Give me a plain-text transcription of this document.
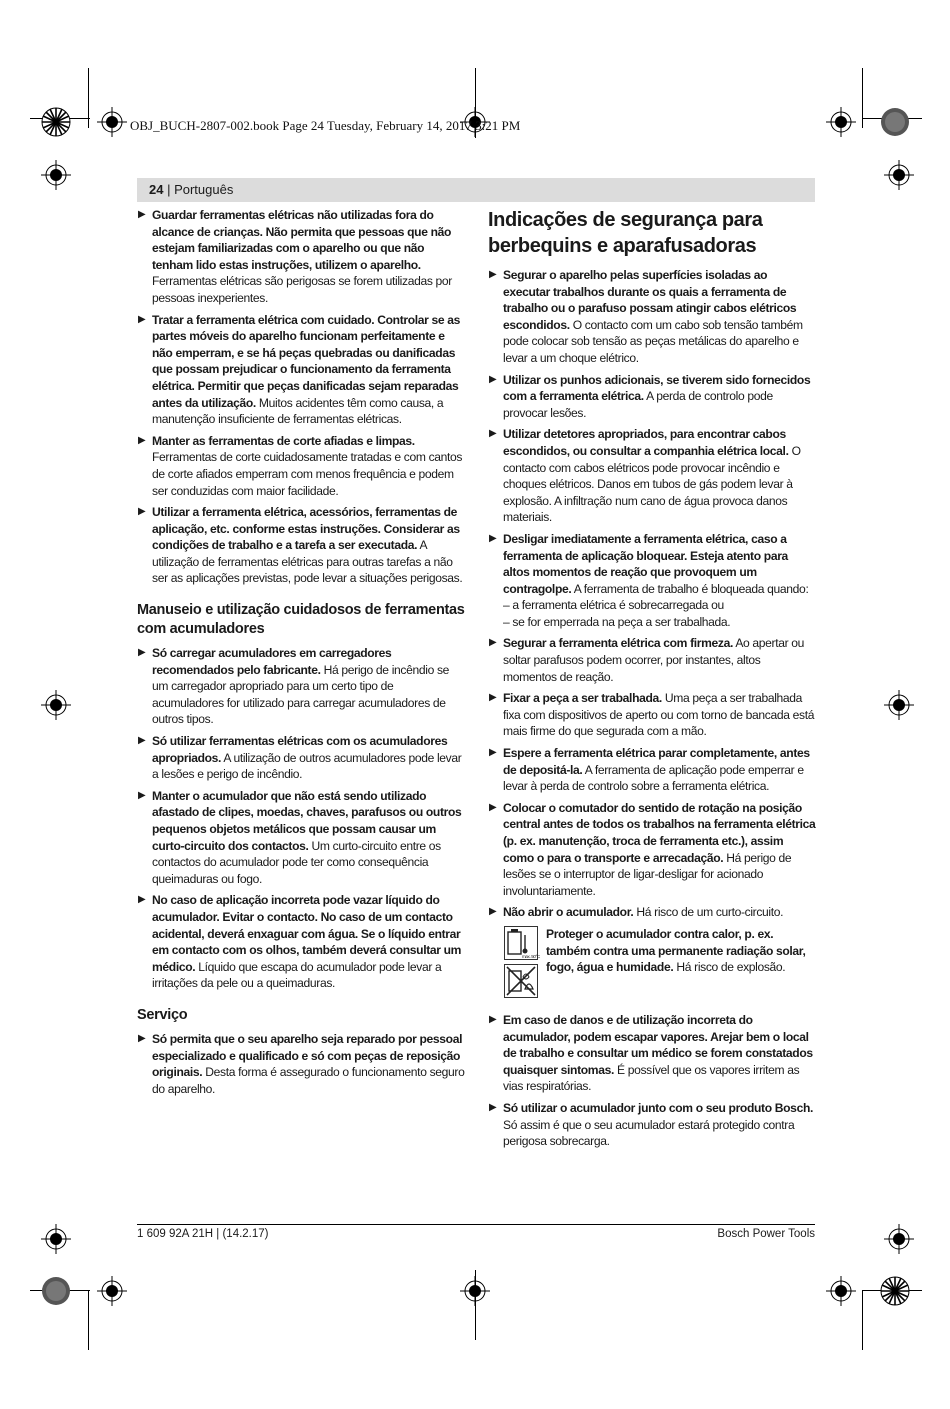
OBJ_BUCH-2807-002.book Page 24 Tuesday, February 14, 2017 3:21 PM
24 | Português
▶ Guardar ferramentas elétricas não utilizadas fora do alcance de crianças. Não permita que pessoas que não estejam familiarizadas com o aparelho ou que não tenham lido estas instruções, utilizem o aparelho. Ferramentas elétricas são perigosas se forem utilizadas por pessoas inexperientes.
▶ Tratar a ferramenta elétrica com cuidado. Controlar se as partes móveis do aparelho funcionam perfeitamente e não emperram, e se há peças quebradas ou danificadas que possam prejudicar o funcionamento da ferramenta elétrica. Permitir que peças danificadas sejam reparadas antes da utilização. Muitos acidentes têm como causa, a manutenção insuficiente de ferramentas elétricas.
▶ Manter as ferramentas de corte afiadas e limpas. Ferramentas de corte cuidadosamente tratadas e com cantos de corte afiados emperram com menos frequência e podem ser conduzidas com maior facilidade.
▶ Utilizar a ferramenta elétrica, acessórios, ferramentas de aplicação, etc. conforme estas instruções. Considerar as condições de trabalho e a tarefa a ser executada. A utilização de ferramentas elétricas para outras tarefas a não ser as aplicações previstas, pode levar a situações perigosas.
Manuseio e utilização cuidadosos de ferramentas com acumuladores
▶ Só carregar acumuladores em carregadores recomendados pelo fabricante. Há perigo de incêndio se um carregador apropriado para um certo tipo de acumuladores for utilizado para carregar acumuladores de outros tipos.
▶ Só utilizar ferramentas elétricas com os acumuladores apropriados. A utilização de outros acumuladores pode levar a lesões e perigo de incêndio.
▶ Manter o acumulador que não está sendo utilizado afastado de clipes, moedas, chaves, parafusos ou outros pequenos objetos metálicos que possam causar um curto-circuito dos contactos. Um curto-circuito entre os contactos do acumulador pode ter como consequência queimaduras ou fogo.
▶ No caso de aplicação incorreta pode vazar líquido do acumulador. Evitar o contacto. No caso de um contacto acidental, deverá enxaguar com água. Se o líquido entrar em contacto com os olhos, também deverá consultar um médico. Líquido que escapa do acumulador pode levar a irritações da pele ou a queimaduras.
Serviço
▶ Só permita que o seu aparelho seja reparado por pessoal especializado e qualificado e só com peças de reposição originais. Desta forma é assegurado o funcionamento seguro do aparelho.
Indicações de segurança para berbequins e aparafusadoras
▶ Segurar o aparelho pelas superfícies isoladas ao executar trabalhos durante os quais a ferramenta de trabalho ou o parafuso possam atingir cabos elétricos escondidos. O contacto com um cabo sob tensão também pode colocar sob tensão as peças metálicas do aparelho e levar a um choque elétrico.
▶ Utilizar os punhos adicionais, se tiverem sido fornecidos com a ferramenta elétrica. A perda de controlo pode provocar lesões.
▶ Utilizar detetores apropriados, para encontrar cabos escondidos, ou consultar a companhia elétrica local. O contacto com cabos elétricos pode provocar incêndio e choques elétricos. Danos em tubos de gás podem levar à explosão. A infiltração num cano de água provoca danos materiais.
▶ Desligar imediatamente a ferramenta elétrica, caso a ferramenta de aplicação bloquear. Esteja atento para altos momentos de reação que provoquem um contragolpe. A ferramenta de trabalho é bloqueada quando:
– a ferramenta elétrica é sobrecarregada ou
– se for emperrada na peça a ser trabalhada.
▶ Segurar a ferramenta elétrica com firmeza. Ao apertar ou soltar parafusos podem ocorrer, por instantes, altos momentos de reação.
▶ Fixar a peça a ser trabalhada. Uma peça a ser trabalhada fixa com dispositivos de aperto ou com torno de bancada está mais firme do que segurada com a mão.
▶ Espere a ferramenta elétrica parar completamente, antes de depositá-la. A ferramenta de aplicação pode emperrar e levar à perda de controlo sobre a ferramenta elétrica.
▶ Colocar o comutador do sentido de rotação na posição central antes de todos os trabalhos na ferramenta elétrica (p. ex. manutenção, troca de ferramenta etc.), assim como o para o transporte e arrecadação. Há perigo de lesões se o interruptor de ligar-desligar for acionado involuntariamente.
▶ Não abrir o acumulador. Há risco de um curto-circuito.
max. 50°C
Proteger o acumulador contra calor, p. ex. também contra uma permanente radiação solar, fogo, água e humidade. Há risco de explosão.
▶ Em caso de danos e de utilização incorreta do acumulador, podem escapar vapores. Arejar bem o local de trabalho e consultar um médico se forem constatados quaisquer sintomas. É possível que os vapores irritem as vias respiratórias.
▶ Só utilizar o acumulador junto com o seu produto Bosch. Só assim é que o seu acumulador estará protegido contra perigosa sobrecarga.
1 609 92A 21H | (14.2.17)	Bosch Power Tools
